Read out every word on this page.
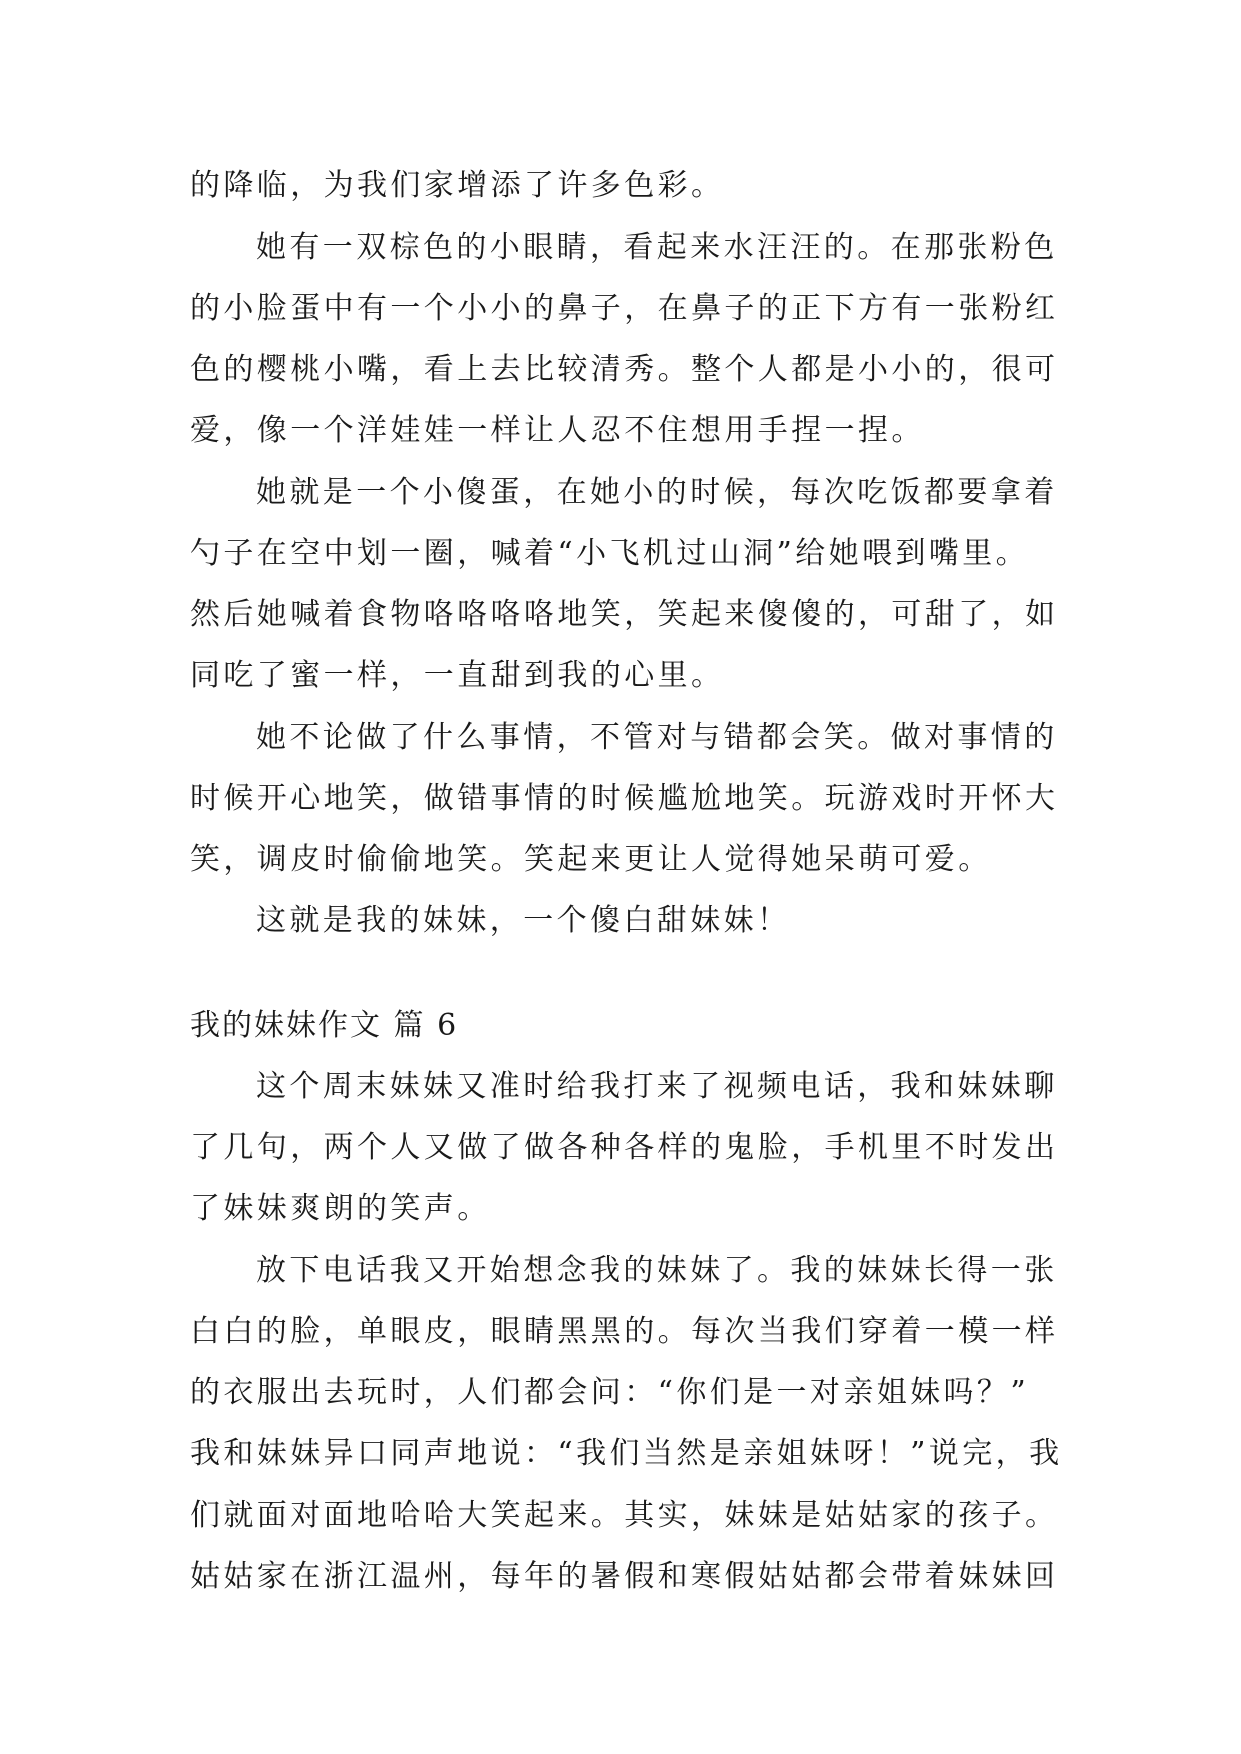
的降临，为我们家增添了许多色彩。
她有一双棕色的小眼睛，看起来水汪汪的。在那张粉色
的小脸蛋中有一个小小的鼻子，在鼻子的正下方有一张粉红
色的樱桃小嘴，看上去比较清秀。整个人都是小小的，很可
爱，像一个洋娃娃一样让人忍不住想用手捏一捏。
她就是一个小傻蛋，在她小的时候，每次吃饭都要拿着
勺子在空中划一圈，喊着“小飞机过山洞”给她喂到嘴里。
然后她喊着食物咯咯咯咯地笑，笑起来傻傻的，可甜了，如
同吃了蜜一样，一直甜到我的心里。
她不论做了什么事情，不管对与错都会笑。做对事情的
时候开心地笑，做错事情的时候尴尬地笑。玩游戏时开怀大
笑，调皮时偷偷地笑。笑起来更让人觉得她呆萌可爱。
这就是我的妹妹，一个傻白甜妹妹！
我的妹妹作文 篇 6
这个周末妹妹又准时给我打来了视频电话，我和妹妹聊
了几句，两个人又做了做各种各样的鬼脸，手机里不时发出
了妹妹爽朗的笑声。
放下电话我又开始想念我的妹妹了。我的妹妹长得一张
白白的脸，单眼皮，眼睛黑黑的。每次当我们穿着一模一样
的衣服出去玩时，人们都会问：“你们是一对亲姐妹吗？”
我和妹妹异口同声地说：“我们当然是亲姐妹呀！”说完，我
们就面对面地哈哈大笑起来。其实，妹妹是姑姑家的孩子。
姑姑家在浙江温州，每年的暑假和寒假姑姑都会带着妹妹回
